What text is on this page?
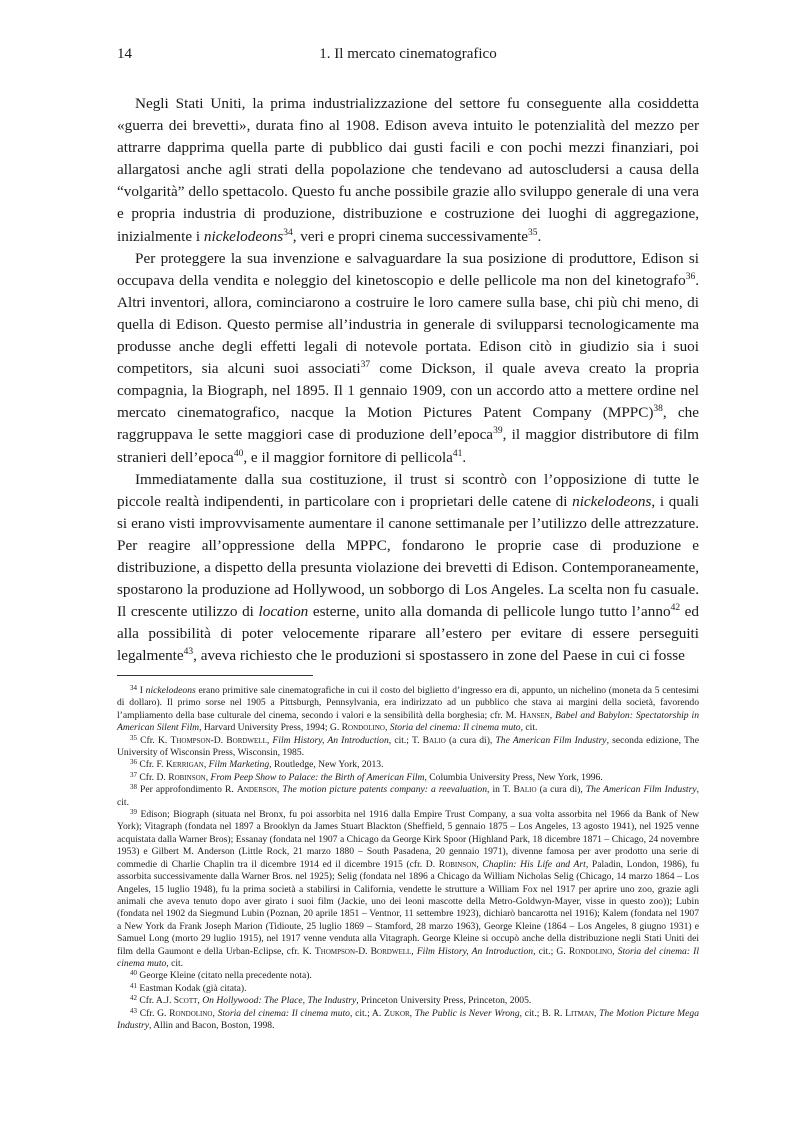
14	1. Il mercato cinematografico

Negli Stati Uniti, la prima industrializzazione del settore fu conseguente alla cosiddetta «guerra dei brevetti», durata fino al 1908. Edison aveva intuito le potenzialità del mezzo per attrarre dapprima quella parte di pubblico dai gusti facili e con pochi mezzi finanziari, poi allargatosi anche agli strati della popolazione che tendevano ad autoscludersi a causa della “volgarità” dello spettacolo. Questo fu anche possibile grazie allo sviluppo generale di una vera e propria industria di produzione, distribuzione e costruzione dei luoghi di aggregazione, inizialmente i nickelodeons$^{34}$, veri e propri cinema successivamente$^{35}$.

Per proteggere la sua invenzione e salvaguardare la sua posizione di produttore, Edison si occupava della vendita e noleggio del kinetoscopio e delle pellicole ma non del kinetografo$^{36}$. Altri inventori, allora, cominciarono a costruire le loro camere sulla base, chi più chi meno, di quella di Edison. Questo permise all’industria in generale di svilupparsi tecnologicamente ma produsse anche degli effetti legali di notevole portata. Edison citò in giudizio sia i suoi competitors, sia alcuni suoi associati$^{37}$ come Dickson, il quale aveva creato la propria compagnia, la Biograph, nel 1895. Il 1 gennaio 1909, con un accordo atto a mettere ordine nel mercato cinematografico, nacque la Motion Pictures Patent Company (MPPC)$^{38}$, che raggruppava le sette maggiori case di produzione dell’epoca$^{39}$, il maggior distributore di film stranieri dell’epoca$^{40}$, e il maggior fornitore di pellicola$^{41}$.

Immediatamente dalla sua costituzione, il trust si scontrò con l’opposizione di tutte le piccole realtà indipendenti, in particolare con i proprietari delle catene di nickelodeons, i quali si erano visti improvvisamente aumentare il canone settimanale per l’utilizzo delle attrezzature. Per reagire all’oppressione della MPPC, fondarono le proprie case di produzione e distribuzione, a dispetto della presunta violazione dei brevetti di Edison. Contemporaneamente, spostarono la produzione ad Hollywood, un sobborgo di Los Angeles. La scelta non fu casuale. Il crescente utilizzo di location esterne, unito alla domanda di pellicole lungo tutto l’anno$^{42}$ ed alla possibilità di poter velocemente riparare all’estero per evitare di essere perseguiti legalmente$^{43}$, aveva richiesto che le produzioni si spostassero in zone del Paese in cui ci fosse

$^{34}$ I nickelodeons erano primitive sale cinematografiche in cui il costo del biglietto d’ingresso era di, appunto, un nichelino (moneta da 5 centesimi di dollaro). Il primo sorse nel 1905 a Pittsburgh, Pennsylvania, era indirizzato ad un pubblico che stava ai margini della società, favorendo l’ampliamento della base culturale del cinema, secondo i valori e la sensibilità della borghesia; cfr. M. Hansen, Babel and Babylon: Spectatorship in American Silent Film, Harvard University Press, 1994; G. Rondolino, Storia del cinema: Il cinema muto, cit.

$^{35}$ Cfr. K. Thompson-D. Bordwell, Film History, An Introduction, cit.; T. Balio (a cura di), The American Film Industry, seconda edizione, The University of Wisconsin Press, Wisconsin, 1985.

$^{36}$ Cfr. F. Kerrigan, Film Marketing, Routledge, New York, 2013.

$^{37}$ Cfr. D. Robinson, From Peep Show to Palace: the Birth of American Film, Columbia University Press, New York, 1996.

$^{38}$ Per approfondimento R. Anderson, The motion picture patents company: a reevaluation, in T. Balio (a cura di), The American Film Industry, cit.

$^{39}$ Edison; Biograph (situata nel Bronx, fu poi assorbita nel 1916 dalla Empire Trust Company, a sua volta assorbita nel 1966 da Bank of New York); Vitagraph (fondata nel 1897 a Brooklyn da James Stuart Blackton (Sheffield, 5 gennaio 1875 – Los Angeles, 13 agosto 1941), nel 1925 venne acquistata dalla Warner Bros); Essanay (fondata nel 1907 a Chicago da George Kirk Spoor (Highland Park, 18 dicembre 1871 – Chicago, 24 novembre 1953) e Gilbert M. Anderson (Little Rock, 21 marzo 1880 – South Pasadena, 20 gennaio 1971), divenne famosa per aver prodotto una serie di commedie di Charlie Chaplin tra il dicembre 1914 ed il dicembre 1915 (cfr. D. Robinson, Chaplin: His Life and Art, Paladin, London, 1986), fu assorbita successivamente dalla Warner Bros. nel 1925); Selig (fondata nel 1896 a Chicago da William Nicholas Selig (Chicago, 14 marzo 1864 – Los Angeles, 15 luglio 1948), fu la prima società a stabilirsi in California, vendette le strutture a William Fox nel 1917 per aprire uno zoo, grazie agli animali che aveva tenuto dopo aver girato i suoi film (Jackie, uno dei leoni mascotte della Metro-Goldwyn-Mayer, visse in questo zoo)); Lubin (fondata nel 1902 da Siegmund Lubin (Poznan, 20 aprile 1851 – Ventnor, 11 settembre 1923), dichiarò bancarotta nel 1916); Kalem (fondata nel 1907 a New York da Frank Joseph Marion (Tidioute, 25 luglio 1869 – Stamford, 28 marzo 1963), George Kleine (1864 – Los Angeles, 8 giugno 1931) e Samuel Long (morto 29 luglio 1915), nel 1917 venne venduta alla Vitagraph. George Kleine si occupò anche della distribuzione negli Stati Uniti dei film della Gaumont e della Urban-Eclipse, cfr. K. Thompson-D. Bordwell, Film History, An Introduction, cit.; G. Rondolino, Storia del cinema: Il cinema muto, cit.

$^{40}$ George Kleine (citato nella precedente nota).

$^{41}$ Eastman Kodak (già citata).

$^{42}$ Cfr. A.J. Scott, On Hollywood: The Place, The Industry, Princeton University Press, Princeton, 2005.

$^{43}$ Cfr. G. Rondolino, Storia del cinema: Il cinema muto, cit.; A. Zukor, The Public is Never Wrong, cit.; B. R. Litman, The Motion Picture Mega Industry, Allin and Bacon, Boston, 1998.
